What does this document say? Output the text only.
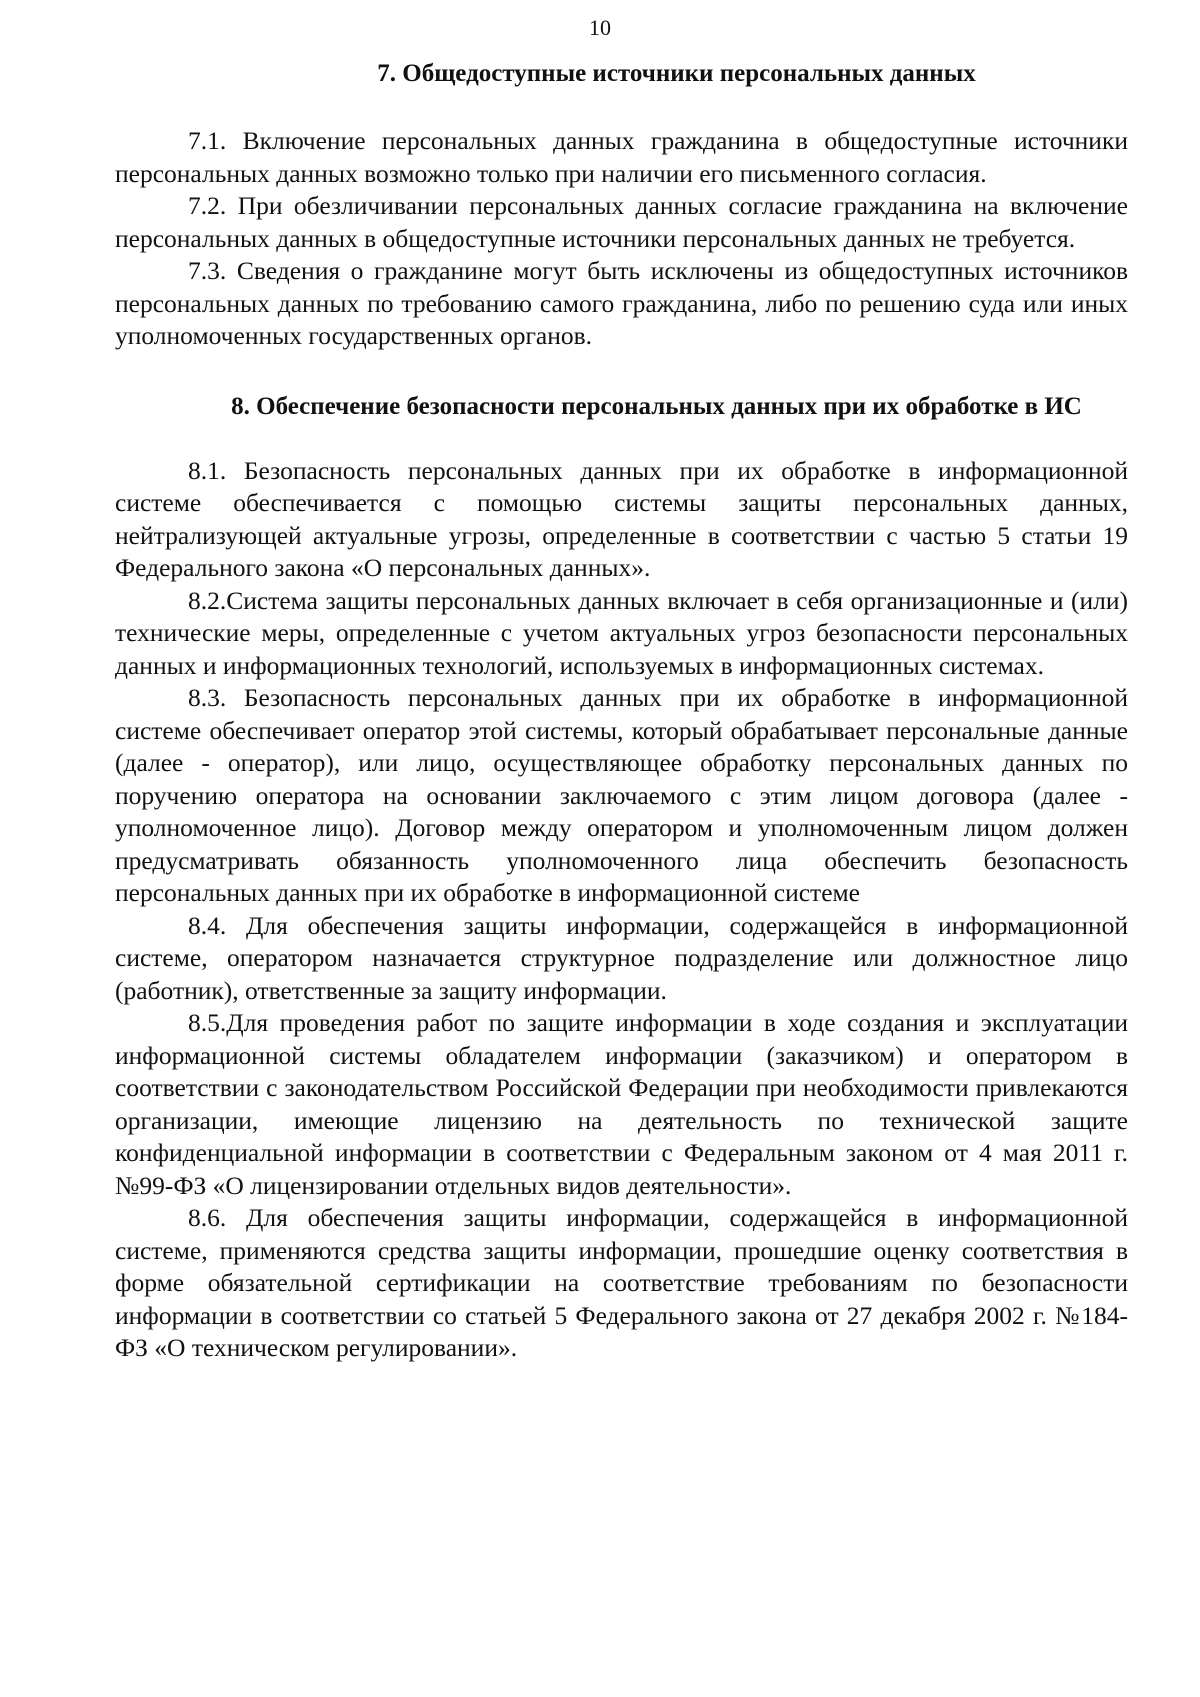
10
7. Общедоступные источники персональных данных

7.1. Включение персональных данных гражданина в общедоступные источники персональных данных возможно только при наличии его письменного согласия.

7.2. При обезличивании персональных данных согласие гражданина на включение персональных данных в общедоступные источники персональных данных не требуется.

7.3. Сведения о гражданине могут быть исключены из общедоступных источников персональных данных по требованию самого гражданина, либо по решению суда или иных уполномоченных государственных органов.

8. Обеспечение безопасности персональных данных при их обработке в ИС

8.1. Безопасность персональных данных при их обработке в информационной системе обеспечивается с помощью системы защиты персональных данных, нейтрализующей актуальные угрозы, определенные в соответствии с частью 5 статьи 19 Федерального закона «О персональных данных».

8.2.Система защиты персональных данных включает в себя организационные и (или) технические меры, определенные с учетом актуальных угроз безопасности персональных данных и информационных технологий, используемых в информационных системах.

8.3. Безопасность персональных данных при их обработке в информационной системе обеспечивает оператор этой системы, который обрабатывает персональные данные (далее - оператор), или лицо, осуществляющее обработку персональных данных по поручению оператора на основании заключаемого с этим лицом договора (далее - уполномоченное лицо). Договор между оператором и уполномоченным лицом должен предусматривать обязанность уполномоченного лица обеспечить безопасность персональных данных при их обработке в информационной системе

8.4. Для обеспечения защиты информации, содержащейся в информационной системе, оператором назначается структурное подразделение или должностное лицо (работник), ответственные за защиту информации.

8.5.Для проведения работ по защите информации в ходе создания и эксплуатации информационной системы обладателем информации (заказчиком) и оператором в соответствии с законодательством Российской Федерации при необходимости привлекаются организации, имеющие лицензию на деятельность по технической защите конфиденциальной информации в соответствии с Федеральным законом от 4 мая 2011 г. №99-ФЗ «О лицензировании отдельных видов деятельности».

8.6. Для обеспечения защиты информации, содержащейся в информационной системе, применяются средства защиты информации, прошедшие оценку соответствия в форме обязательной сертификации на соответствие требованиям по безопасности информации в соответствии со статьей 5 Федерального закона от 27 декабря 2002 г. №184-ФЗ «О техническом регулировании».
